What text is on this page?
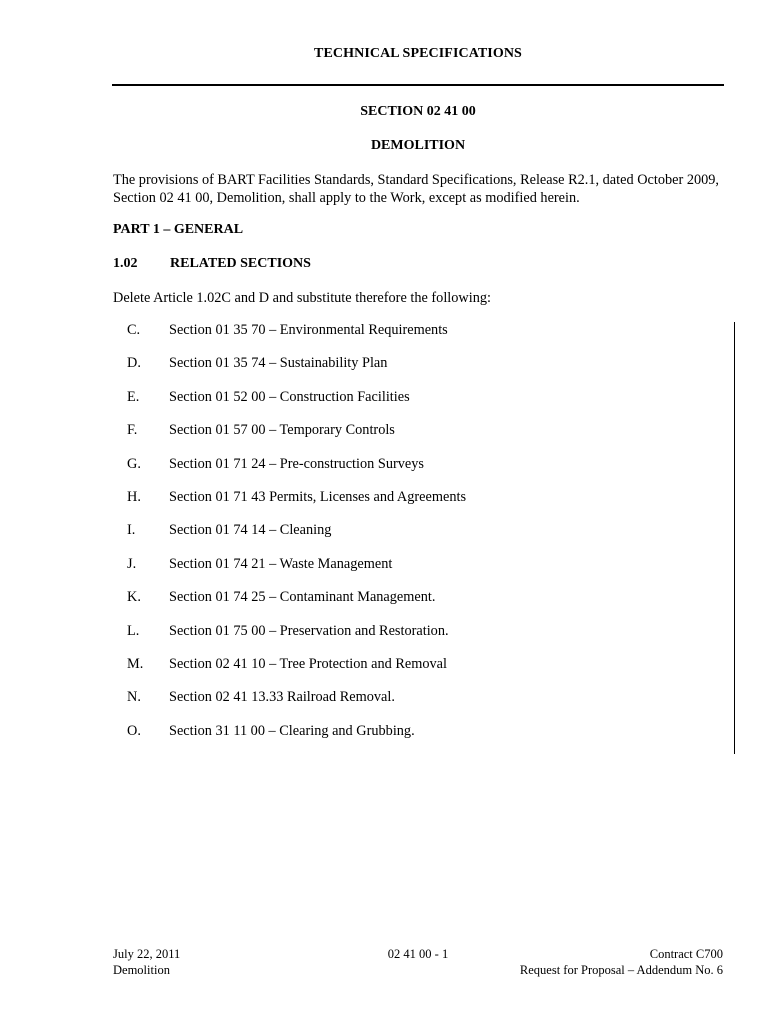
TECHNICAL SPECIFICATIONS
SECTION 02 41 00
DEMOLITION
The provisions of BART Facilities Standards, Standard Specifications, Release R2.1, dated October 2009, Section 02 41 00, Demolition, shall apply to the Work, except as modified herein.
PART 1 – GENERAL
1.02 RELATED SECTIONS
Delete Article 1.02C and D and substitute therefore the following:
C.	Section 01 35 70 – Environmental Requirements
D.	Section 01 35 74 – Sustainability Plan
E.	Section 01 52 00 – Construction Facilities
F.	Section 01 57 00 – Temporary Controls
G.	Section 01 71 24 – Pre-construction Surveys
H.	Section 01 71 43 Permits, Licenses and Agreements
I.	Section 01 74 14 – Cleaning
J.	Section 01 74 21 – Waste Management
K.	Section 01 74 25 – Contaminant Management.
L.	Section 01 75 00 – Preservation and Restoration.
M.	Section 02 41 10 – Tree Protection and Removal
N.	Section 02 41 13.33 Railroad Removal.
O.	Section 31 11 00 – Clearing and Grubbing.
July 22, 2011
Demolition
02 41 00 - 1	Contract C700
Request for Proposal – Addendum No. 6
